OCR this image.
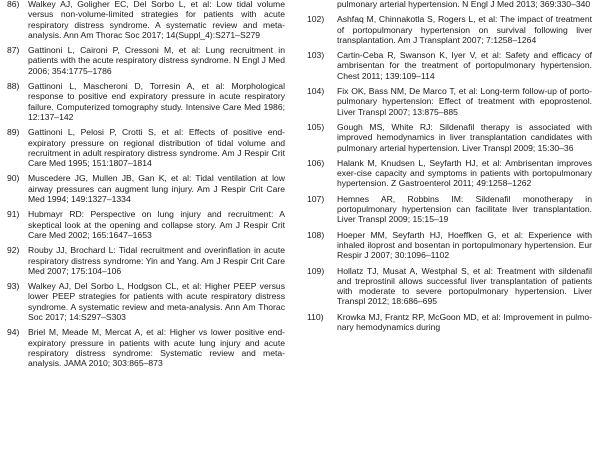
86) Walkey AJ, Goligher EC, Del Sorbo L, et al: Low tidal volume versus non-volume-limited strategies for patients with acute respiratory distress syndrome. A systematic review and meta- analysis. Ann Am Thorac Soc 2017; 14(Suppl_4):S271–S279
87) Gattinoni L, Caironi P, Cressoni M, et al: Lung recruitment in patients with the acute respiratory distress syndrome. N Engl J Med 2006; 354:1775–1786
88) Gattinoni L, Mascheroni D, Torresin A, et al: Morphological response to positive end expiratory pressure in acute respiratory failure. Computerized tomography study. Intensive Care Med 1986; 12:137–142
89) Gattinoni L, Pelosi P, Crotti S, et al: Effects of positive end-expiratory pressure on regional distribution of tidal volume and recruitment in adult respiratory distress syndrome. Am J Respir Crit Care Med 1995; 151:1807–1814
90) Muscedere JG, Mullen JB, Gan K, et al: Tidal ventilation at low airway pressures can augment lung injury. Am J Respir Crit Care Med 1994; 149:1327–1334
91) Hubmayr RD: Perspective on lung injury and recruitment: A skeptical look at the opening and collapse story. Am J Respir Crit Care Med 2002; 165:1647–1653
92) Rouby JJ, Brochard L: Tidal recruitment and overinflation in acute respiratory distress syndrome: Yin and Yang. Am J Respir Crit Care Med 2007; 175:104–106
93) Walkey AJ, Del Sorbo L, Hodgson CL, et al: Higher PEEP versus lower PEEP strategies for patients with acute respiratory distress syndrome. A systematic review and meta-analysis. Ann Am Thorac Soc 2017; 14:S297–S303
94) Briel M, Meade M, Mercat A, et al: Higher vs lower positive end-expiratory pressure in patients with acute lung injury and acute respiratory distress syndrome: Systematic review and meta-analysis. JAMA 2010; 303:865–873
pulmonary arterial hypertension. N Engl J Med 2013; 369:330–340
102)	Ashfaq M, Chinnakotla S, Rogers L, et al: The impact of treatment of portopulmonary hypertension on survival following liver transplantation. Am J Transplant 2007; 7:1258–1264
103)	Cartin-Ceba R, Swanson K, Iyer V, et al: Safety and efficacy of ambrisentan for the treatment of portopulmonary hypertension. Chest 2011; 139:109–114
104)	Fix OK, Bass NM, De Marco T, et al: Long-term follow-up of porto-pulmonary hypertension: Effect of treatment with epoprostenol. Liver Transpl 2007; 13:875–885
105)	Gough MS, White RJ: Sildenafil therapy is associated with improved hemodynamics in liver transplantation candidates with pulmonary arterial hypertension. Liver Transpl 2009; 15:30–36
106)	Halank M, Knudsen L, Seyfarth HJ, et al: Ambrisentan improves exer-cise capacity and symptoms in patients with portopulmonary hypertension. Z Gastroenterol 2011; 49:1258–1262
107)	Hemnes AR, Robbins IM: Sildenafil monotherapy in portopulmonary hypertension can facilitate liver transplantation. Liver Transpl 2009; 15:15–19
108)	Hoeper MM, Seyfarth HJ, Hoeffken G, et al: Experience with inhaled iloprost and bosentan in portopulmonary hypertension. Eur Respir J 2007; 30:1096–1102
109)	Hollatz TJ, Musat A, Westphal S, et al: Treatment with sildenafil and treprostinil allows successful liver transplantation of patients with moderate to severe portopulmonary hypertension. Liver Transpl 2012; 18:686–695
110)	Krowka MJ, Frantz RP, McGoon MD, et al: Improvement in pulmo-nary hemodynamics during
